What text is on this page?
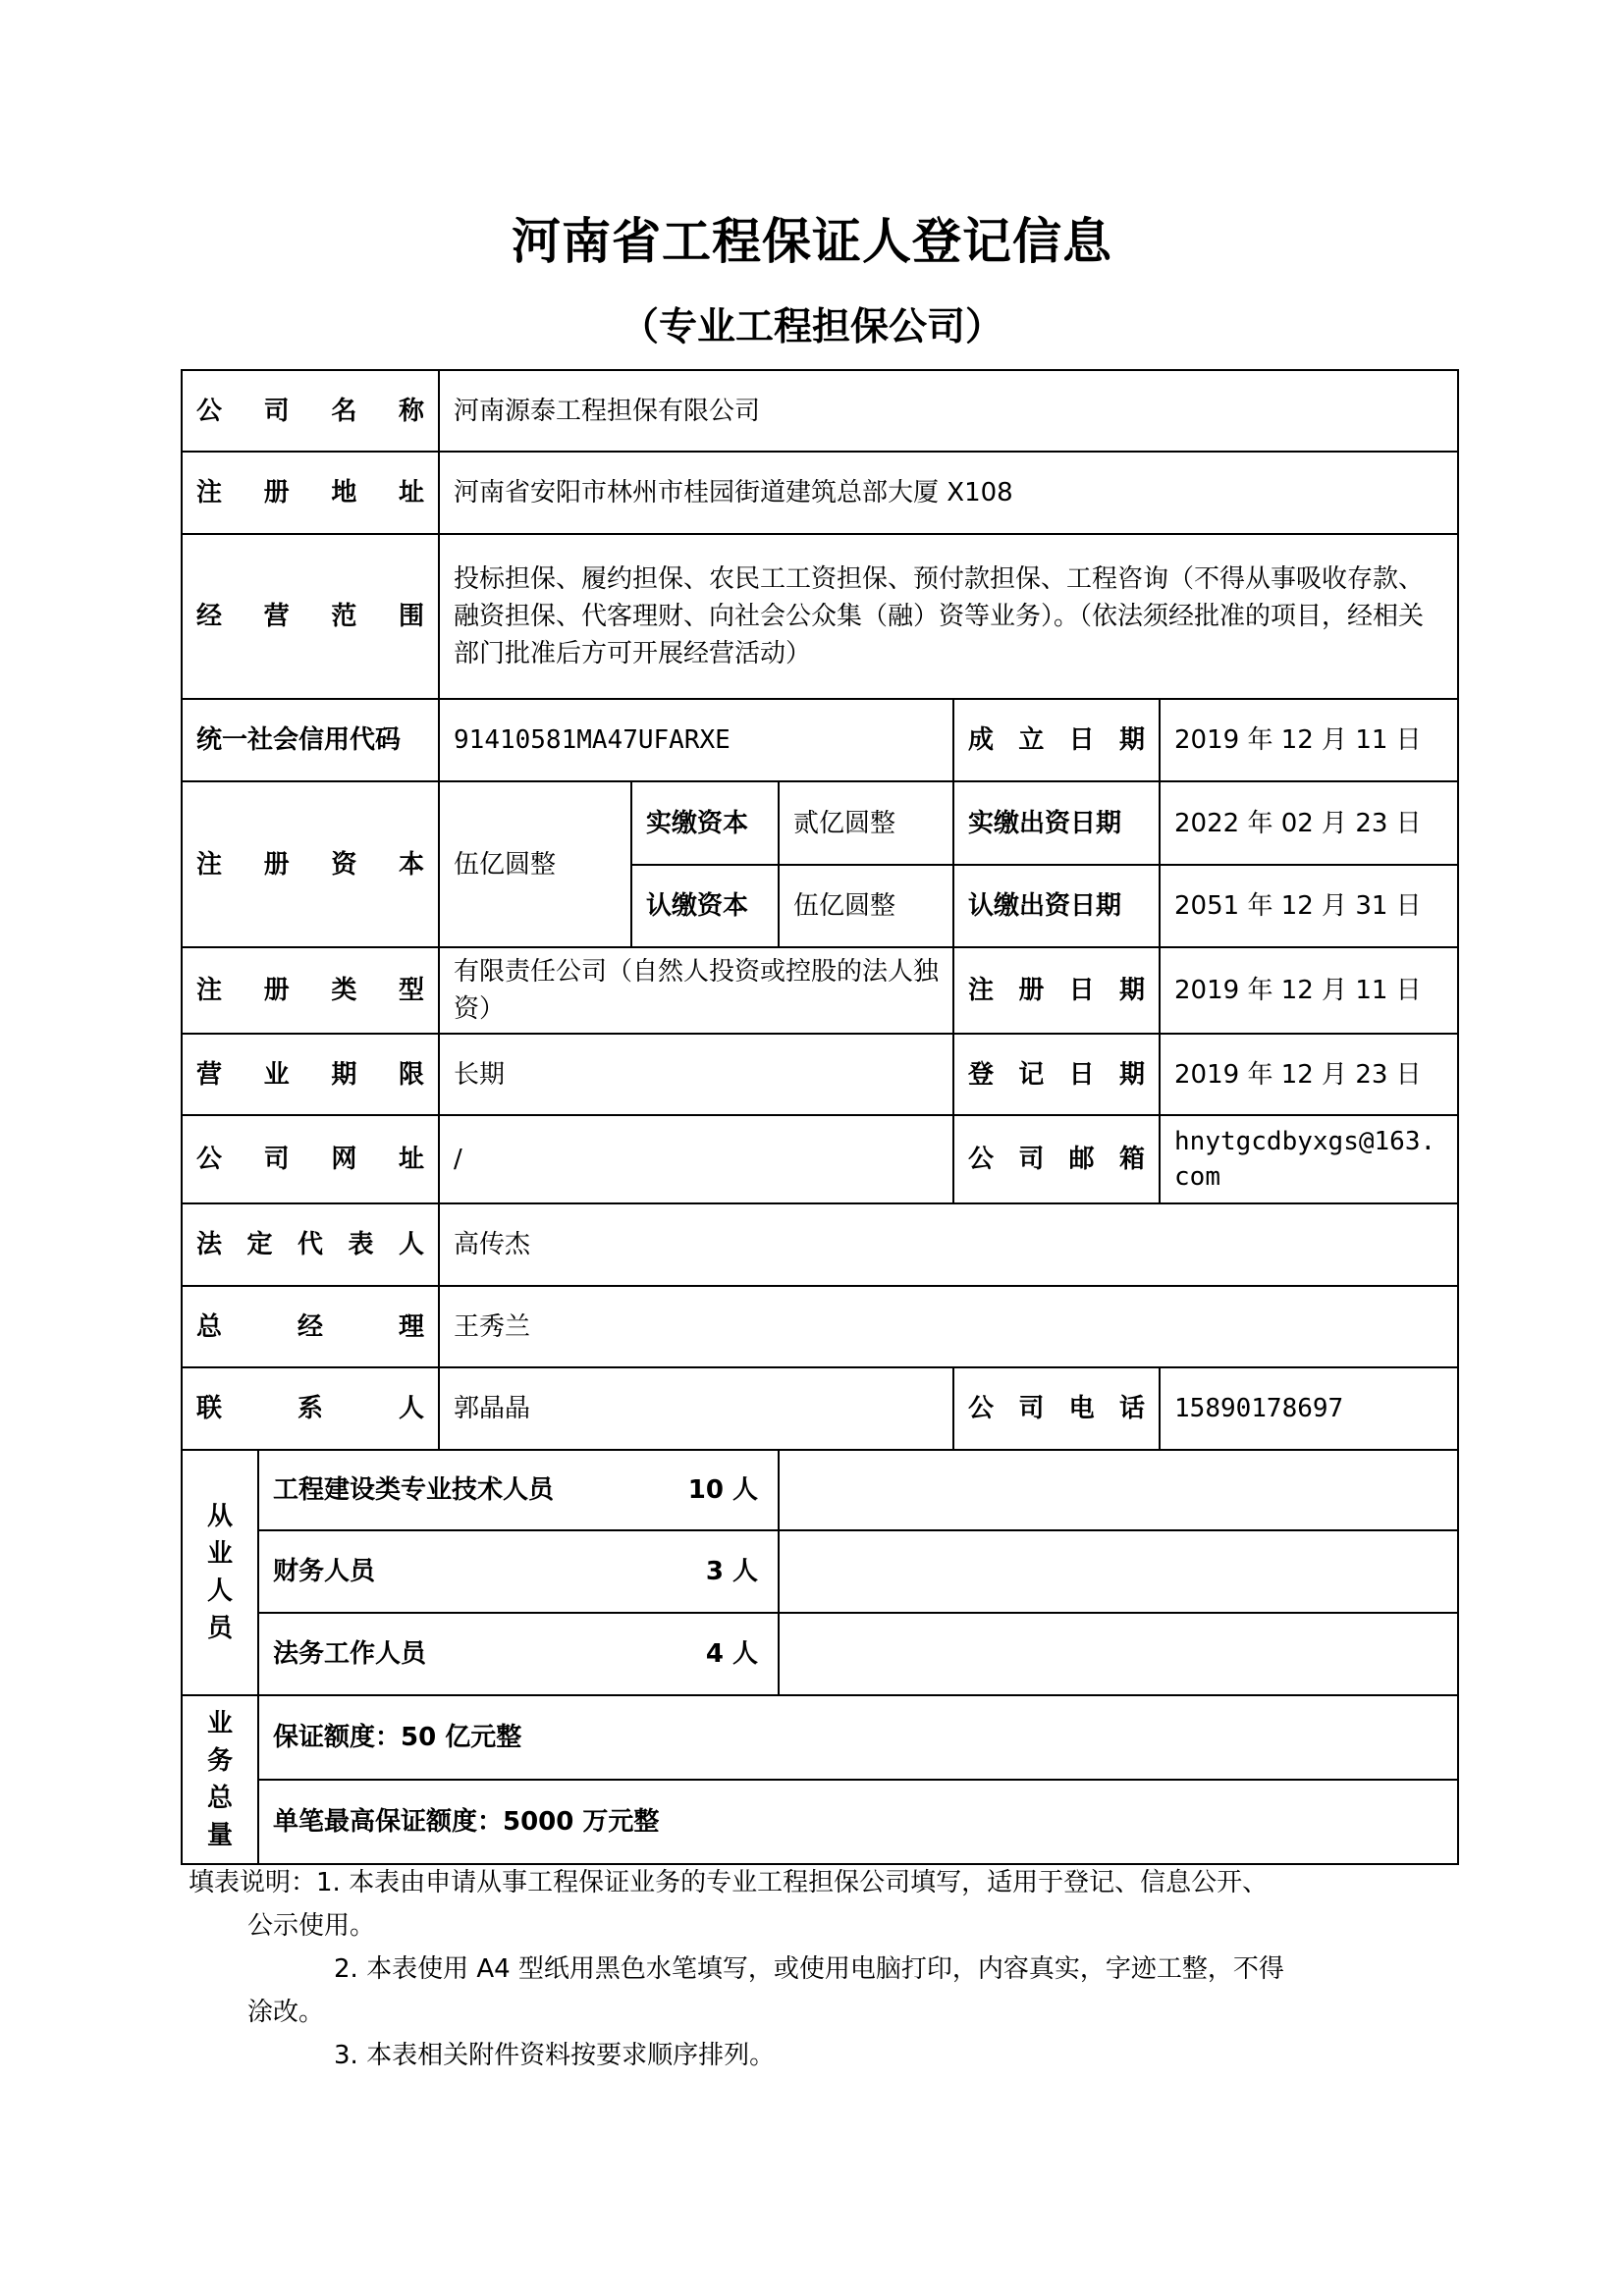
河南省工程保证人登记信息
（专业工程担保公司）
公司名称		河南源泰工程担保有限公司				
注册地址		河南省安阳市林州市桂园街道建筑总部大厦 X108				
经营范围		投标担保、履约担保、农民工工资担保、预付款担保、工程咨询（不得从事吸收存款、融资担保、代客理财、向社会公众集（融）资等业务）。（依法须经批准的项目，经相关部门批准后方可开展经营活动）				
统一社会信用代码		91410581MA47UFARXE			成立日期	2019 年 12 月 11 日
注册资本		伍亿圆整	实缴资本	贰亿圆整	实缴出资日期	2022 年 02 月 23 日
			认缴资本	伍亿圆整	认缴出资日期	2051 年 12 月 31 日
注册类型		有限责任公司（自然人投资或控股的法人独资）			注册日期	2019 年 12 月 11 日
营业期限		长期			登记日期	2019 年 12 月 23 日
公司网址		/			公司邮箱	hnytgcdbyxgs@163.com
法定代表人		高传杰				
总经理		王秀兰				
联系人		郭晶晶			公司电话	15890178697
从业人员	工程建设类专业技术人员 10 人					

	财务人员 3 人					

	法务工作人员 4 人					

业务总量	保证额度：50 亿元整					
	单笔最高保证额度：5000 万元整					
填表说明：1. 本表由申请从事工程保证业务的专业工程担保公司填写，适用于登记、信息公开、
公示使用。
2. 本表使用 A4 型纸用黑色水笔填写，或使用电脑打印，内容真实，字迹工整，不得
涂改。
3. 本表相关附件资料按要求顺序排列。
